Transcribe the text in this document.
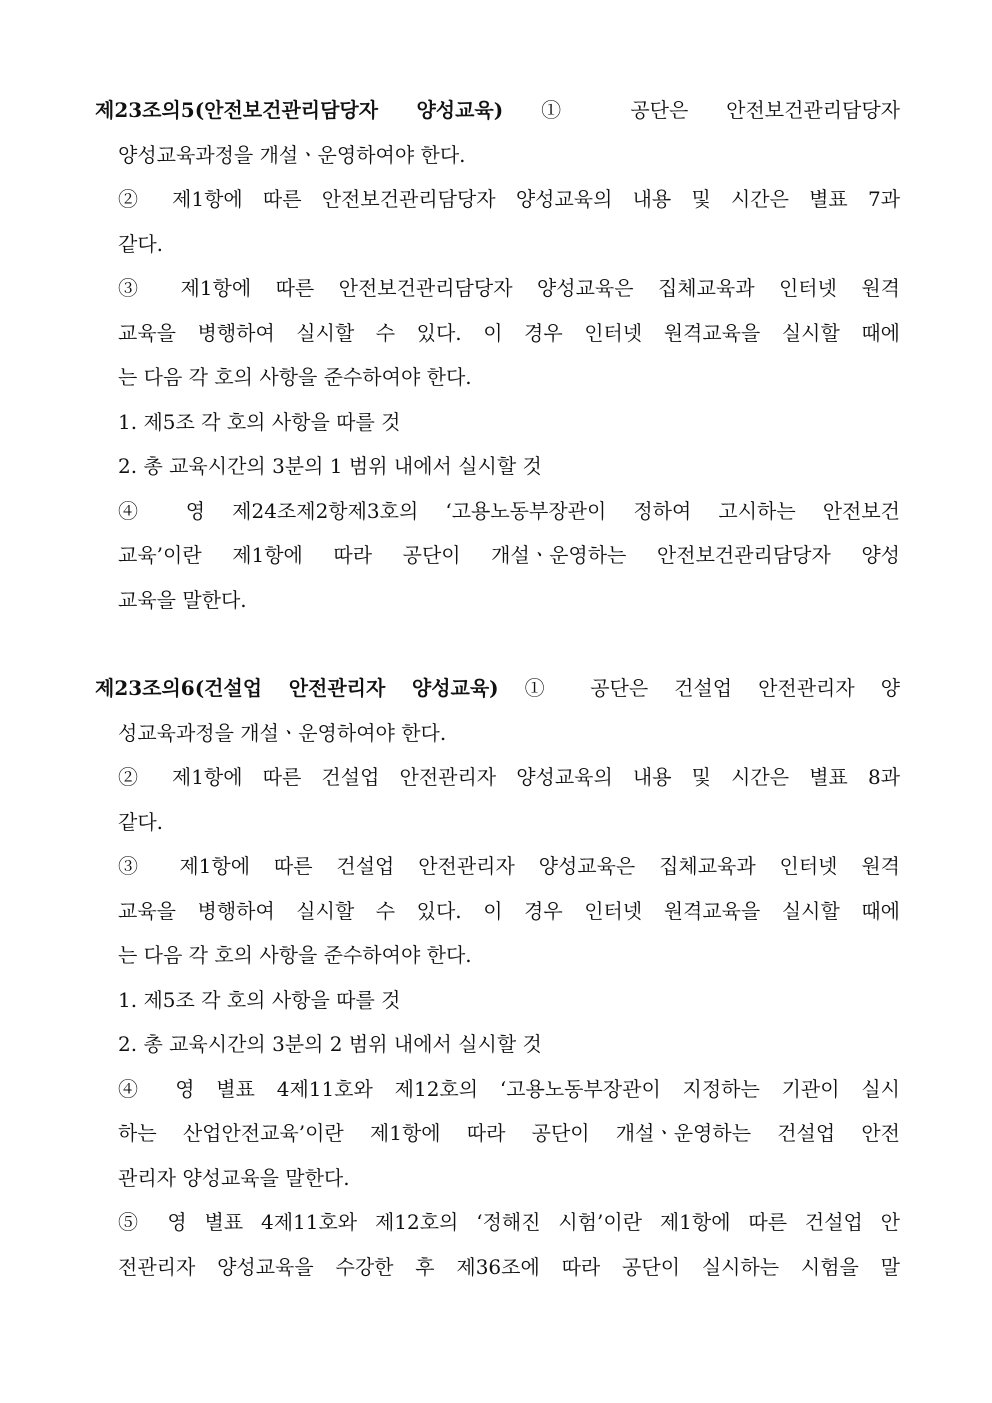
제23조의5(안전보건관리담당자 양성교육) ① 공단은 안전보건관리담당자
양성교육과정을 개설ㆍ운영하여야 한다.
② 제1항에 따른 안전보건관리담당자 양성교육의 내용 및 시간은 별표 7과
같다.
③ 제1항에 따른 안전보건관리담당자 양성교육은 집체교육과 인터넷 원격
교육을 병행하여 실시할 수 있다. 이 경우 인터넷 원격교육을 실시할 때에
는 다음 각 호의 사항을 준수하여야 한다.
1. 제5조 각 호의 사항을 따를 것
2. 총 교육시간의 3분의 1 범위 내에서 실시할 것
④ 영 제24조제2항제3호의 ‘고용노동부장관이 정하여 고시하는 안전보건
교육’이란 제1항에 따라 공단이 개설ㆍ운영하는 안전보건관리담당자 양성
교육을 말한다.
제23조의6(건설업 안전관리자 양성교육) ① 공단은 건설업 안전관리자 양
성교육과정을 개설ㆍ운영하여야 한다.
② 제1항에 따른 건설업 안전관리자 양성교육의 내용 및 시간은 별표 8과
같다.
③ 제1항에 따른 건설업 안전관리자 양성교육은 집체교육과 인터넷 원격
교육을 병행하여 실시할 수 있다. 이 경우 인터넷 원격교육을 실시할 때에
는 다음 각 호의 사항을 준수하여야 한다.
1. 제5조 각 호의 사항을 따를 것
2. 총 교육시간의 3분의 2 범위 내에서 실시할 것
④ 영 별표 4제11호와 제12호의 ‘고용노동부장관이 지정하는 기관이 실시
하는 산업안전교육’이란 제1항에 따라 공단이 개설ㆍ운영하는 건설업 안전
관리자 양성교육을 말한다.
⑤ 영 별표 4제11호와 제12호의 ‘정해진 시험’이란 제1항에 따른 건설업 안
전관리자 양성교육을 수강한 후 제36조에 따라 공단이 실시하는 시험을 말
